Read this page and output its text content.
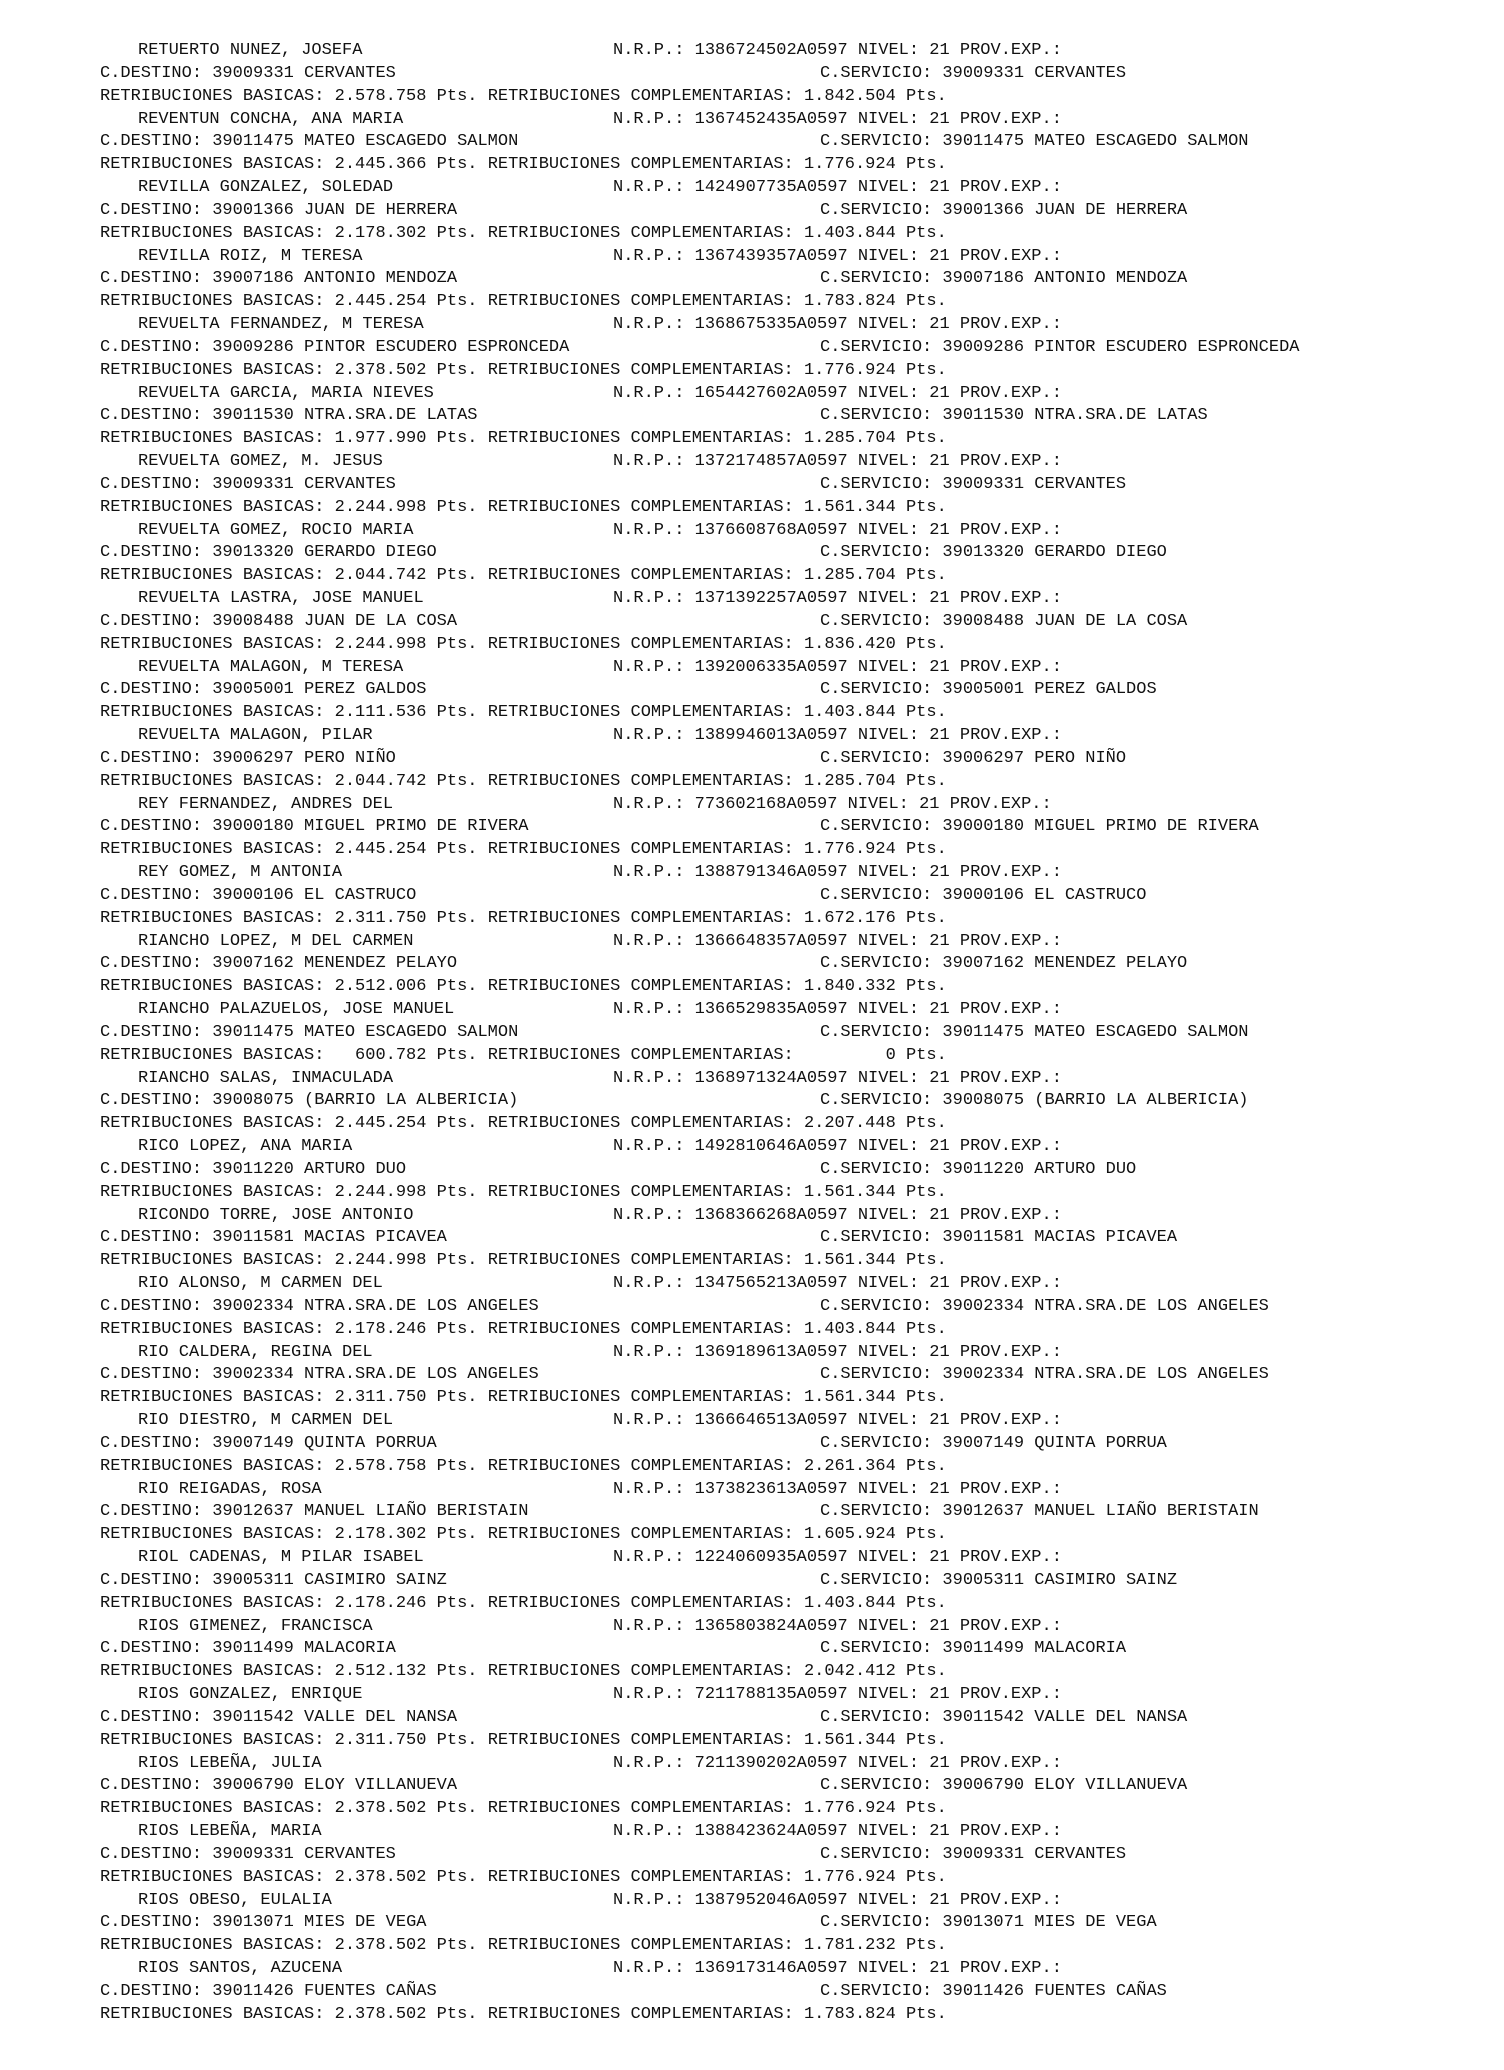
RETUERTO NUNEZ, JOSEFA	N.R.P.: 1386724502A0597 NIVEL: 21 PROV.EXP.:
C.DESTINO: 39009331 CERVANTES	C.SERVICIO: 39009331 CERVANTES
RETRIBUCIONES BASICAS: 2.578.758 Pts. RETRIBUCIONES COMPLEMENTARIAS: 1.842.504 Pts.
REVENTUN CONCHA, ANA MARIA	N.R.P.: 1367452435A0597 NIVEL: 21 PROV.EXP.:
C.DESTINO: 39011475 MATEO ESCAGEDO SALMON	C.SERVICIO: 39011475 MATEO ESCAGEDO SALMON
RETRIBUCIONES BASICAS: 2.445.366 Pts. RETRIBUCIONES COMPLEMENTARIAS: 1.776.924 Pts.
REVILLA GONZALEZ, SOLEDAD	N.R.P.: 1424907735A0597 NIVEL: 21 PROV.EXP.:
C.DESTINO: 39001366 JUAN DE HERRERA	C.SERVICIO: 39001366 JUAN DE HERRERA
RETRIBUCIONES BASICAS: 2.178.302 Pts. RETRIBUCIONES COMPLEMENTARIAS: 1.403.844 Pts.
REVILLA ROIZ, M TERESA	N.R.P.: 1367439357A0597 NIVEL: 21 PROV.EXP.:
C.DESTINO: 39007186 ANTONIO MENDOZA	C.SERVICIO: 39007186 ANTONIO MENDOZA
RETRIBUCIONES BASICAS: 2.445.254 Pts. RETRIBUCIONES COMPLEMENTARIAS: 1.783.824 Pts.
REVUELTA FERNANDEZ, M TERESA	N.R.P.: 1368675335A0597 NIVEL: 21 PROV.EXP.:
C.DESTINO: 39009286 PINTOR ESCUDERO ESPRONCEDA	C.SERVICIO: 39009286 PINTOR ESCUDERO ESPRONCEDA
RETRIBUCIONES BASICAS: 2.378.502 Pts. RETRIBUCIONES COMPLEMENTARIAS: 1.776.924 Pts.
REVUELTA GARCIA, MARIA NIEVES	N.R.P.: 1654427602A0597 NIVEL: 21 PROV.EXP.:
C.DESTINO: 39011530 NTRA.SRA.DE LATAS	C.SERVICIO: 39011530 NTRA.SRA.DE LATAS
RETRIBUCIONES BASICAS: 1.977.990 Pts. RETRIBUCIONES COMPLEMENTARIAS: 1.285.704 Pts.
REVUELTA GOMEZ, M. JESUS	N.R.P.: 1372174857A0597 NIVEL: 21 PROV.EXP.:
C.DESTINO: 39009331 CERVANTES	C.SERVICIO: 39009331 CERVANTES
RETRIBUCIONES BASICAS: 2.244.998 Pts. RETRIBUCIONES COMPLEMENTARIAS: 1.561.344 Pts.
REVUELTA GOMEZ, ROCIO MARIA	N.R.P.: 1376608768A0597 NIVEL: 21 PROV.EXP.:
C.DESTINO: 39013320 GERARDO DIEGO	C.SERVICIO: 39013320 GERARDO DIEGO
RETRIBUCIONES BASICAS: 2.044.742 Pts. RETRIBUCIONES COMPLEMENTARIAS: 1.285.704 Pts.
REVUELTA LASTRA, JOSE MANUEL	N.R.P.: 1371392257A0597 NIVEL: 21 PROV.EXP.:
C.DESTINO: 39008488 JUAN DE LA COSA	C.SERVICIO: 39008488 JUAN DE LA COSA
RETRIBUCIONES BASICAS: 2.244.998 Pts. RETRIBUCIONES COMPLEMENTARIAS: 1.836.420 Pts.
REVUELTA MALAGON, M TERESA	N.R.P.: 1392006335A0597 NIVEL: 21 PROV.EXP.:
C.DESTINO: 39005001 PEREZ GALDOS	C.SERVICIO: 39005001 PEREZ GALDOS
RETRIBUCIONES BASICAS: 2.111.536 Pts. RETRIBUCIONES COMPLEMENTARIAS: 1.403.844 Pts.
REVUELTA MALAGON, PILAR	N.R.P.: 1389946013A0597 NIVEL: 21 PROV.EXP.:
C.DESTINO: 39006297 PERO NIÑO	C.SERVICIO: 39006297 PERO NIÑO
RETRIBUCIONES BASICAS: 2.044.742 Pts. RETRIBUCIONES COMPLEMENTARIAS: 1.285.704 Pts.
REY FERNANDEZ, ANDRES DEL	N.R.P.: 773602168A0597 NIVEL: 21 PROV.EXP.:
C.DESTINO: 39000180 MIGUEL PRIMO DE RIVERA	C.SERVICIO: 39000180 MIGUEL PRIMO DE RIVERA
RETRIBUCIONES BASICAS: 2.445.254 Pts. RETRIBUCIONES COMPLEMENTARIAS: 1.776.924 Pts.
REY GOMEZ, M ANTONIA	N.R.P.: 1388791346A0597 NIVEL: 21 PROV.EXP.:
C.DESTINO: 39000106 EL CASTRUCO	C.SERVICIO: 39000106 EL CASTRUCO
RETRIBUCIONES BASICAS: 2.311.750 Pts. RETRIBUCIONES COMPLEMENTARIAS: 1.672.176 Pts.
RIANCHO LOPEZ, M DEL CARMEN	N.R.P.: 1366648357A0597 NIVEL: 21 PROV.EXP.:
C.DESTINO: 39007162 MENENDEZ PELAYO	C.SERVICIO: 39007162 MENENDEZ PELAYO
RETRIBUCIONES BASICAS: 2.512.006 Pts. RETRIBUCIONES COMPLEMENTARIAS: 1.840.332 Pts.
RIANCHO PALAZUELOS, JOSE MANUEL	N.R.P.: 1366529835A0597 NIVEL: 21 PROV.EXP.:
C.DESTINO: 39011475 MATEO ESCAGEDO SALMON	C.SERVICIO: 39011475 MATEO ESCAGEDO SALMON
RETRIBUCIONES BASICAS:   600.782 Pts. RETRIBUCIONES COMPLEMENTARIAS:         0 Pts.
RIANCHO SALAS, INMACULADA	N.R.P.: 1368971324A0597 NIVEL: 21 PROV.EXP.:
C.DESTINO: 39008075 (BARRIO LA ALBERICIA)	C.SERVICIO: 39008075 (BARRIO LA ALBERICIA)
RETRIBUCIONES BASICAS: 2.445.254 Pts. RETRIBUCIONES COMPLEMENTARIAS: 2.207.448 Pts.
RICO LOPEZ, ANA MARIA	N.R.P.: 1492810646A0597 NIVEL: 21 PROV.EXP.:
C.DESTINO: 39011220 ARTURO DUO	C.SERVICIO: 39011220 ARTURO DUO
RETRIBUCIONES BASICAS: 2.244.998 Pts. RETRIBUCIONES COMPLEMENTARIAS: 1.561.344 Pts.
RICONDO TORRE, JOSE ANTONIO	N.R.P.: 1368366268A0597 NIVEL: 21 PROV.EXP.:
C.DESTINO: 39011581 MACIAS PICAVEA	C.SERVICIO: 39011581 MACIAS PICAVEA
RETRIBUCIONES BASICAS: 2.244.998 Pts. RETRIBUCIONES COMPLEMENTARIAS: 1.561.344 Pts.
RIO ALONSO, M CARMEN DEL	N.R.P.: 1347565213A0597 NIVEL: 21 PROV.EXP.:
C.DESTINO: 39002334 NTRA.SRA.DE LOS ANGELES	C.SERVICIO: 39002334 NTRA.SRA.DE LOS ANGELES
RETRIBUCIONES BASICAS: 2.178.246 Pts. RETRIBUCIONES COMPLEMENTARIAS: 1.403.844 Pts.
RIO CALDERA, REGINA DEL	N.R.P.: 1369189613A0597 NIVEL: 21 PROV.EXP.:
C.DESTINO: 39002334 NTRA.SRA.DE LOS ANGELES	C.SERVICIO: 39002334 NTRA.SRA.DE LOS ANGELES
RETRIBUCIONES BASICAS: 2.311.750 Pts. RETRIBUCIONES COMPLEMENTARIAS: 1.561.344 Pts.
RIO DIESTRO, M CARMEN DEL	N.R.P.: 1366646513A0597 NIVEL: 21 PROV.EXP.:
C.DESTINO: 39007149 QUINTA PORRUA	C.SERVICIO: 39007149 QUINTA PORRUA
RETRIBUCIONES BASICAS: 2.578.758 Pts. RETRIBUCIONES COMPLEMENTARIAS: 2.261.364 Pts.
RIO REIGADAS, ROSA	N.R.P.: 1373823613A0597 NIVEL: 21 PROV.EXP.:
C.DESTINO: 39012637 MANUEL LIAÑO BERISTAIN	C.SERVICIO: 39012637 MANUEL LIAÑO BERISTAIN
RETRIBUCIONES BASICAS: 2.178.302 Pts. RETRIBUCIONES COMPLEMENTARIAS: 1.605.924 Pts.
RIOL CADENAS, M PILAR ISABEL	N.R.P.: 1224060935A0597 NIVEL: 21 PROV.EXP.:
C.DESTINO: 39005311 CASIMIRO SAINZ	C.SERVICIO: 39005311 CASIMIRO SAINZ
RETRIBUCIONES BASICAS: 2.178.246 Pts. RETRIBUCIONES COMPLEMENTARIAS: 1.403.844 Pts.
RIOS GIMENEZ, FRANCISCA	N.R.P.: 1365803824A0597 NIVEL: 21 PROV.EXP.:
C.DESTINO: 39011499 MALACORIA	C.SERVICIO: 39011499 MALACORIA
RETRIBUCIONES BASICAS: 2.512.132 Pts. RETRIBUCIONES COMPLEMENTARIAS: 2.042.412 Pts.
RIOS GONZALEZ, ENRIQUE	N.R.P.: 7211788135A0597 NIVEL: 21 PROV.EXP.:
C.DESTINO: 39011542 VALLE DEL NANSA	C.SERVICIO: 39011542 VALLE DEL NANSA
RETRIBUCIONES BASICAS: 2.311.750 Pts. RETRIBUCIONES COMPLEMENTARIAS: 1.561.344 Pts.
RIOS LEBEÑA, JULIA	N.R.P.: 7211390202A0597 NIVEL: 21 PROV.EXP.:
C.DESTINO: 39006790 ELOY VILLANUEVA	C.SERVICIO: 39006790 ELOY VILLANUEVA
RETRIBUCIONES BASICAS: 2.378.502 Pts. RETRIBUCIONES COMPLEMENTARIAS: 1.776.924 Pts.
RIOS LEBEÑA, MARIA	N.R.P.: 1388423624A0597 NIVEL: 21 PROV.EXP.:
C.DESTINO: 39009331 CERVANTES	C.SERVICIO: 39009331 CERVANTES
RETRIBUCIONES BASICAS: 2.378.502 Pts. RETRIBUCIONES COMPLEMENTARIAS: 1.776.924 Pts.
RIOS OBESO, EULALIA	N.R.P.: 1387952046A0597 NIVEL: 21 PROV.EXP.:
C.DESTINO: 39013071 MIES DE VEGA	C.SERVICIO: 39013071 MIES DE VEGA
RETRIBUCIONES BASICAS: 2.378.502 Pts. RETRIBUCIONES COMPLEMENTARIAS: 1.781.232 Pts.
RIOS SANTOS, AZUCENA	N.R.P.: 1369173146A0597 NIVEL: 21 PROV.EXP.:
C.DESTINO: 39011426 FUENTES CAÑAS	C.SERVICIO: 39011426 FUENTES CAÑAS
RETRIBUCIONES BASICAS: 2.378.502 Pts. RETRIBUCIONES COMPLEMENTARIAS: 1.783.824 Pts.
